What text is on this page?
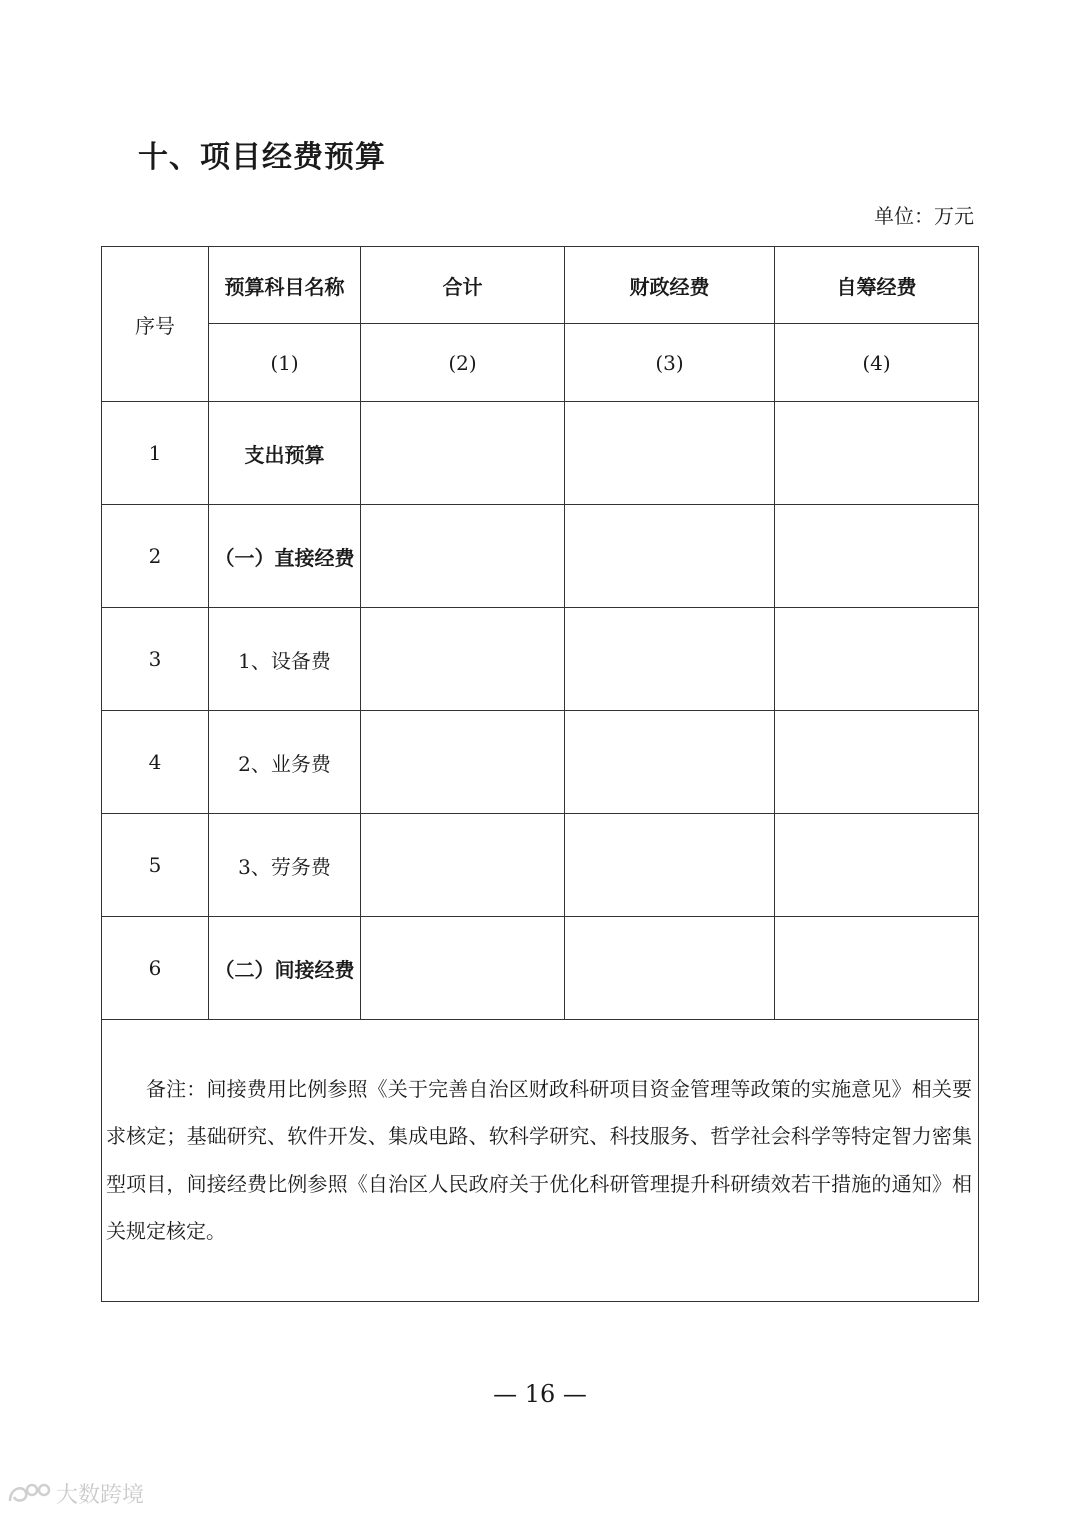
十、项目经费预算
单位：万元
序号	预算科目名称	合计	财政经费	自筹经费
	(1)	(2)	(3)	(4)
1	支出预算			
2	（一）直接经费			
3	1、设备费			
4	2、业务费			
5	3、劳务费			
6	（二）间接经费			

备注：间接费用比例参照《关于完善自治区财政科研项目资金管理等政策的实施意见》相关要求核定；基础研究、软件开发、集成电路、软科学研究、科技服务、哲学社会科学等特定智力密集型项目，间接经费比例参照《自治区人民政府关于优化科研管理提升科研绩效若干措施的通知》相关规定核定。				

— 16 —
大数跨境
